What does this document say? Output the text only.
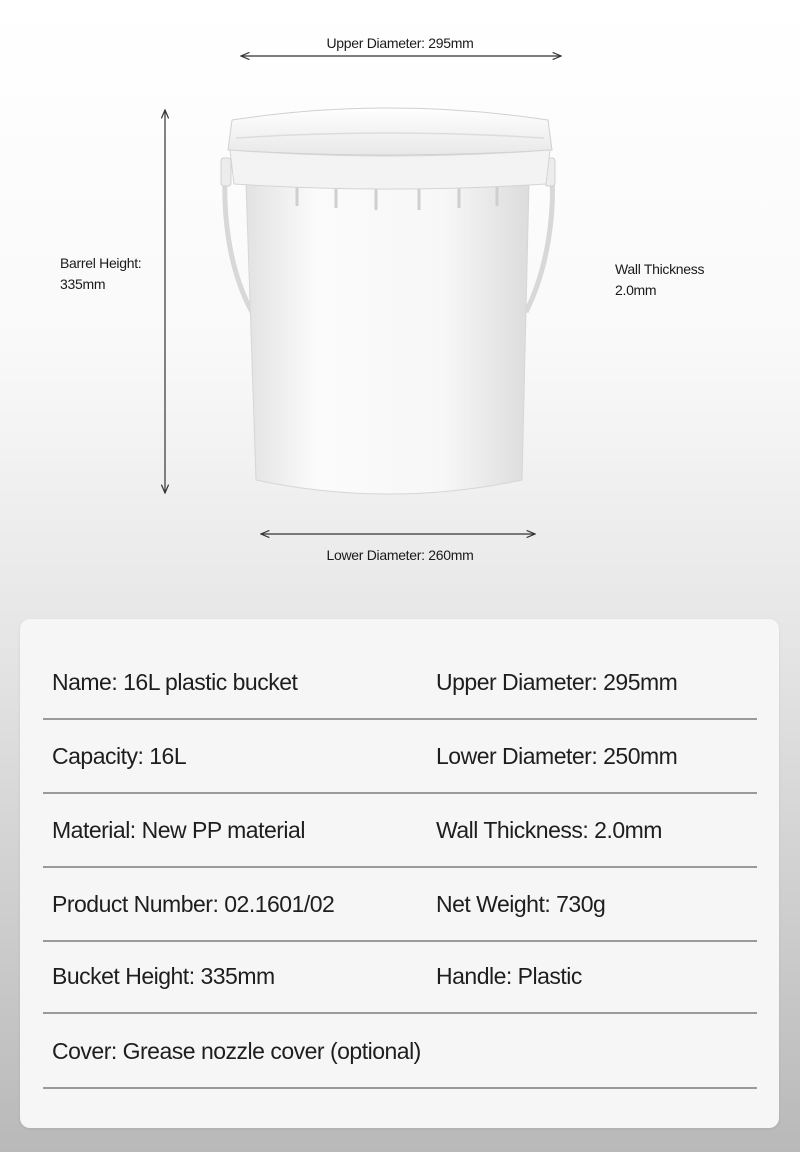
Upper Diameter: 295mm
Lower Diameter: 260mm
Barrel Height: 335mm
Wall Thickness 2.0mm
Name: 16L plastic bucket	Upper Diameter: 295mm
Capacity: 16L	Lower Diameter: 250mm
Material: New PP material	Wall Thickness: 2.0mm
Product Number: 02.1601/02	Net Weight: 730g
Bucket Height: 335mm	Handle: Plastic
Cover: Grease nozzle cover (optional)
